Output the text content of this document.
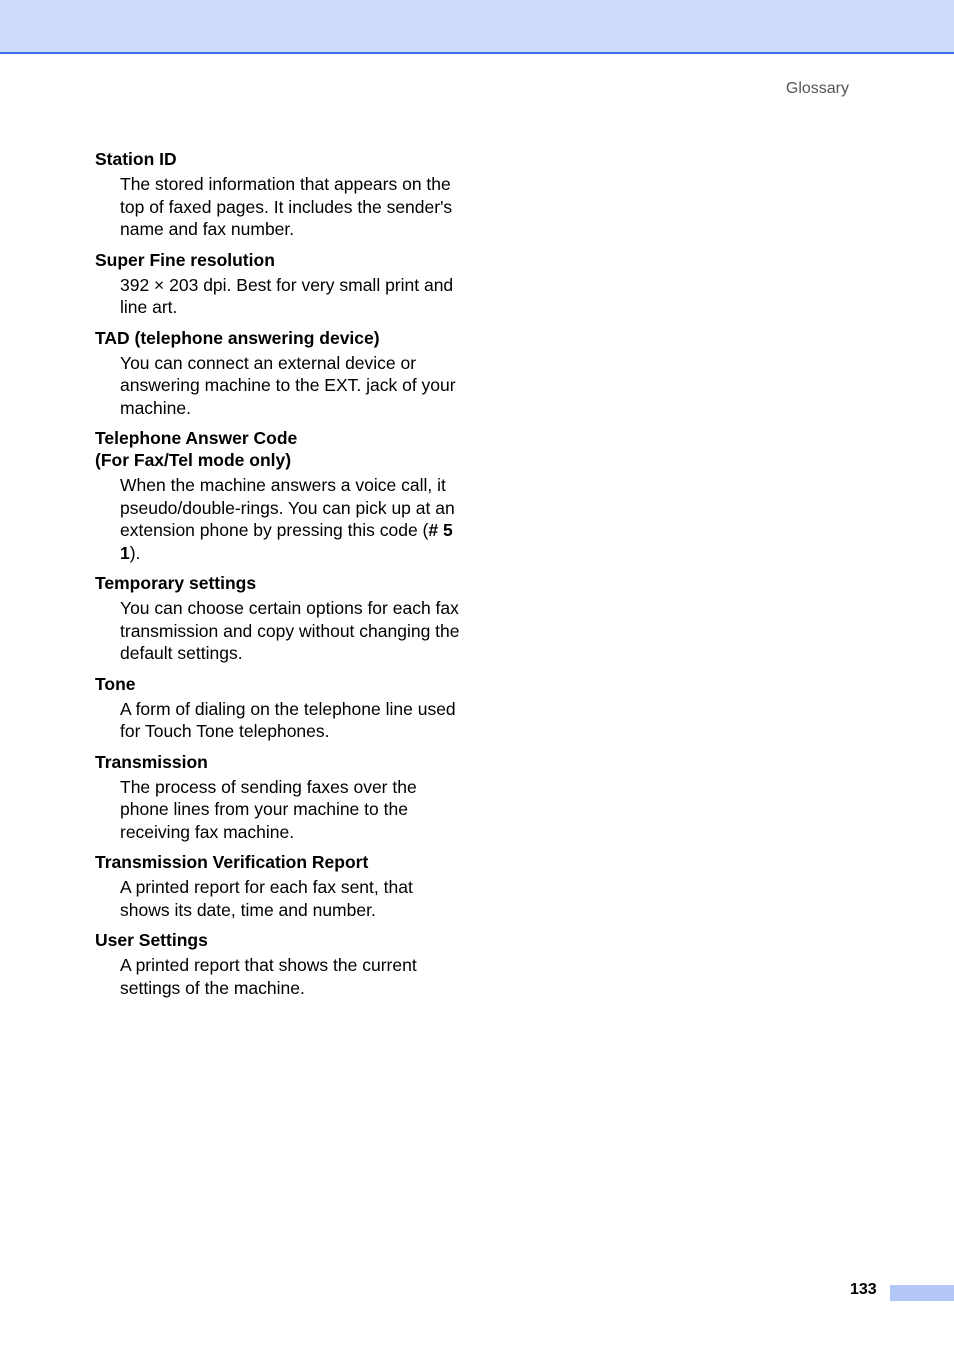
Glossary
Station ID
The stored information that appears on the top of faxed pages. It includes the sender's name and fax number.
Super Fine resolution
392 × 203 dpi. Best for very small print and line art.
TAD (telephone answering device)
You can connect an external device or answering machine to the EXT. jack of your machine.
Telephone Answer Code
(For Fax/Tel mode only)
When the machine answers a voice call, it pseudo/double-rings. You can pick up at an extension phone by pressing this code (# 5 1).
Temporary settings
You can choose certain options for each fax transmission and copy without changing the default settings.
Tone
A form of dialing on the telephone line used for Touch Tone telephones.
Transmission
The process of sending faxes over the phone lines from your machine to the receiving fax machine.
Transmission Verification Report
A printed report for each fax sent, that shows its date, time and number.
User Settings
A printed report that shows the current settings of the machine.
133
